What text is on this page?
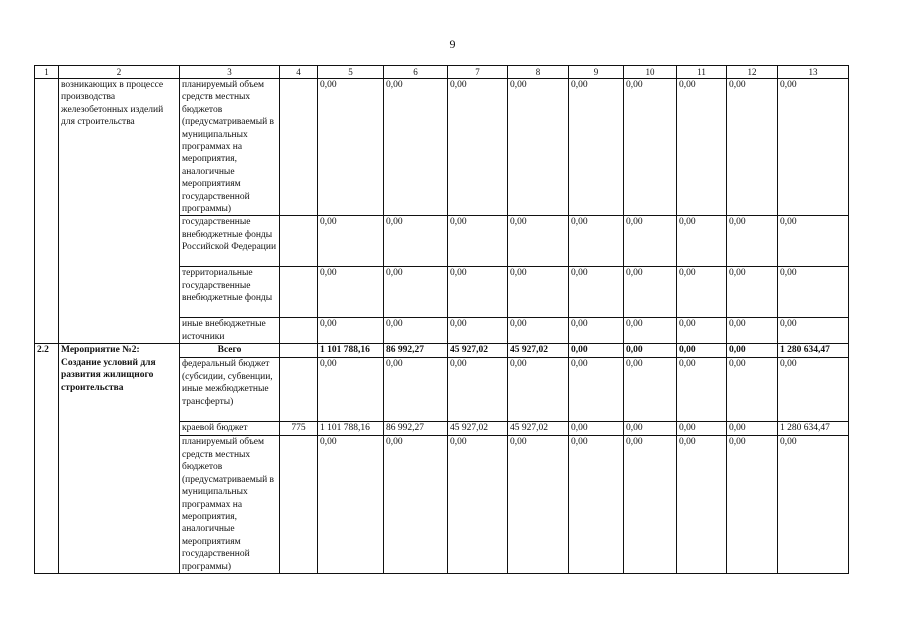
9
1	2	3	4	5	6	7	8	9	10	11	12	13
	возникающих в процессе производства железобетонных изделий для строительства	планируемый объем средств местных бюджетов (предусматриваемый в муниципальных программах на мероприятия, аналогичные мероприятиям государственной программы)		0,00	0,00	0,00	0,00	0,00	0,00	0,00	0,00	0,00
		государственные внебюджетные фонды Российской Федерации		0,00	0,00	0,00	0,00	0,00	0,00	0,00	0,00	0,00
		территориальные государственные внебюджетные фонды		0,00	0,00	0,00	0,00	0,00	0,00	0,00	0,00	0,00
		иные внебюджетные источники		0,00	0,00	0,00	0,00	0,00	0,00	0,00	0,00	0,00
2.2	Мероприятие №2: Создание условий для развития жилищного строительства	Всего		1 101 788,16	86 992,27	45 927,02	45 927,02	0,00	0,00	0,00	0,00	1 280 634,47
		федеральный бюджет (субсидии, субвенции, иные межбюджетные трансферты)		0,00	0,00	0,00	0,00	0,00	0,00	0,00	0,00	0,00
		краевой бюджет	775	1 101 788,16	86 992,27	45 927,02	45 927,02	0,00	0,00	0,00	0,00	1 280 634,47
		планируемый объем средств местных бюджетов (предусматриваемый в муниципальных программах на мероприятия, аналогичные мероприятиям государственной программы)		0,00	0,00	0,00	0,00	0,00	0,00	0,00	0,00	0,00
